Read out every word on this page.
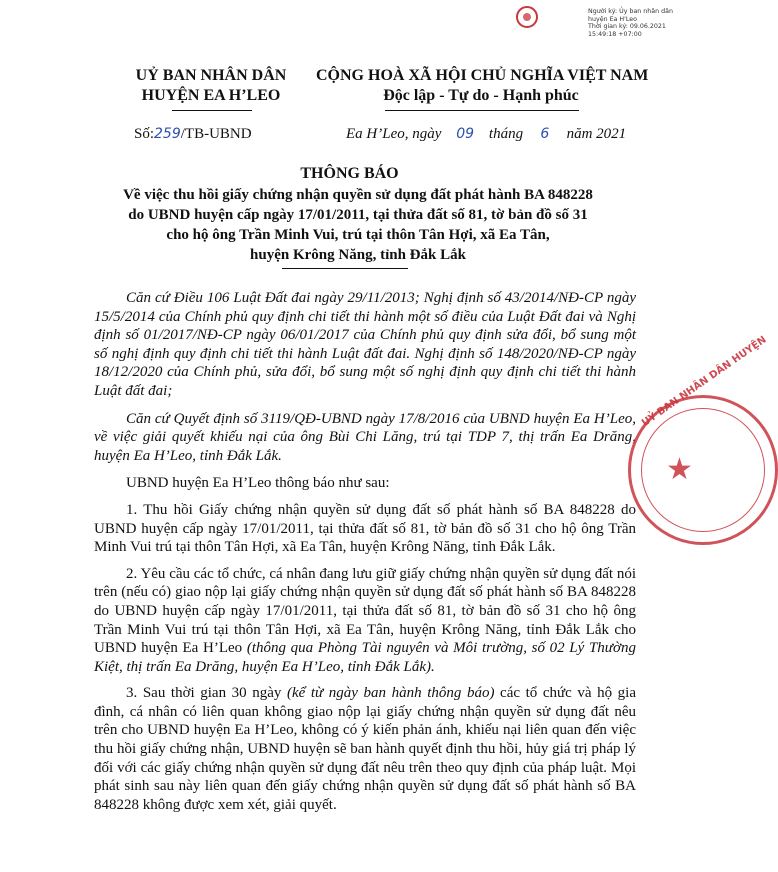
Người ký: Ủy ban nhân dân
huyện Ea H'Leo
Thời gian ký: 09.06.2021
15:49:18 +07:00
UỶ BAN NHÂN DÂN
HUYỆN EA H’LEO
CỘNG HOÀ XÃ HỘI CHỦ NGHĨA VIỆT NAM
Độc lập - Tự do - Hạnh phúc
Số:259/TB-UBND	Ea H’Leo, ngày 09 tháng 6 năm 2021
THÔNG BÁO
Về việc thu hồi giấy chứng nhận quyền sử dụng đất phát hành BA 848228
do UBND huyện cấp ngày 17/01/2011, tại thửa đất số 81, tờ bản đồ số 31
cho hộ ông Trần Minh Vui, trú tại thôn Tân Hợi, xã Ea Tân,
huyện Krông Năng, tỉnh Đắk Lắk

Căn cứ Điều 106 Luật Đất đai ngày 29/11/2013; Nghị định số 43/2014/NĐ-CP ngày 15/5/2014 của Chính phủ quy định chi tiết thi hành một số điều của Luật Đất đai và Nghị định số 01/2017/NĐ-CP ngày 06/01/2017 của Chính phủ quy định sửa đổi, bổ sung một số nghị định quy định chi tiết thi hành Luật đất đai. Nghị định số 148/2020/NĐ-CP ngày 18/12/2020 của Chính phủ, sửa đổi, bổ sung một số nghị định quy định chi tiết thi hành Luật đất đai;

Căn cứ Quyết định số 3119/QĐ-UBND ngày 17/8/2016 của UBND huyện Ea H’Leo, về việc giải quyết khiếu nại của ông Bùi Chi Lăng, trú tại TDP 7, thị trấn Ea Drăng, huyện Ea H’Leo, tỉnh Đắk Lắk.

UBND huyện Ea H’Leo thông báo như sau:

1. Thu hồi Giấy chứng nhận quyền sử dụng đất số phát hành số BA 848228 do UBND huyện cấp ngày 17/01/2011, tại thửa đất số 81, tờ bản đồ số 31 cho hộ ông Trần Minh Vui trú tại thôn Tân Hợi, xã Ea Tân, huyện Krông Năng, tỉnh Đắk Lắk.

2. Yêu cầu các tổ chức, cá nhân đang lưu giữ giấy chứng nhận quyền sử dụng đất nói trên (nếu có) giao nộp lại giấy chứng nhận quyền sử dụng đất số phát hành số BA 848228 do UBND huyện cấp ngày 17/01/2011, tại thửa đất số 81, tờ bản đồ số 31 cho hộ ông Trần Minh Vui trú tại thôn Tân Hợi, xã Ea Tân, huyện Krông Năng, tỉnh Đắk Lắk cho UBND huyện Ea H’Leo (thông qua Phòng Tài nguyên và Môi trường, số 02 Lý Thường Kiệt, thị trấn Ea Drăng, huyện Ea H’Leo, tỉnh Đắk Lắk).

3. Sau thời gian 30 ngày (kể từ ngày ban hành thông báo) các tổ chức và hộ gia đình, cá nhân có liên quan không giao nộp lại giấy chứng nhận quyền sử dụng đất nêu trên cho UBND huyện Ea H’Leo, không có ý kiến phản ánh, khiếu nại liên quan đến việc thu hồi giấy chứng nhận, UBND huyện sẽ ban hành quyết định thu hồi, hủy giá trị pháp lý đối với các giấy chứng nhận quyền sử dụng đất nêu trên theo quy định của pháp luật. Mọi phát sinh sau này liên quan đến giấy chứng nhận quyền sử dụng đất số phát hành số BA 848228 không được xem xét, giải quyết.

★
UỶ BAN NHÂN DÂN HUYỆN
